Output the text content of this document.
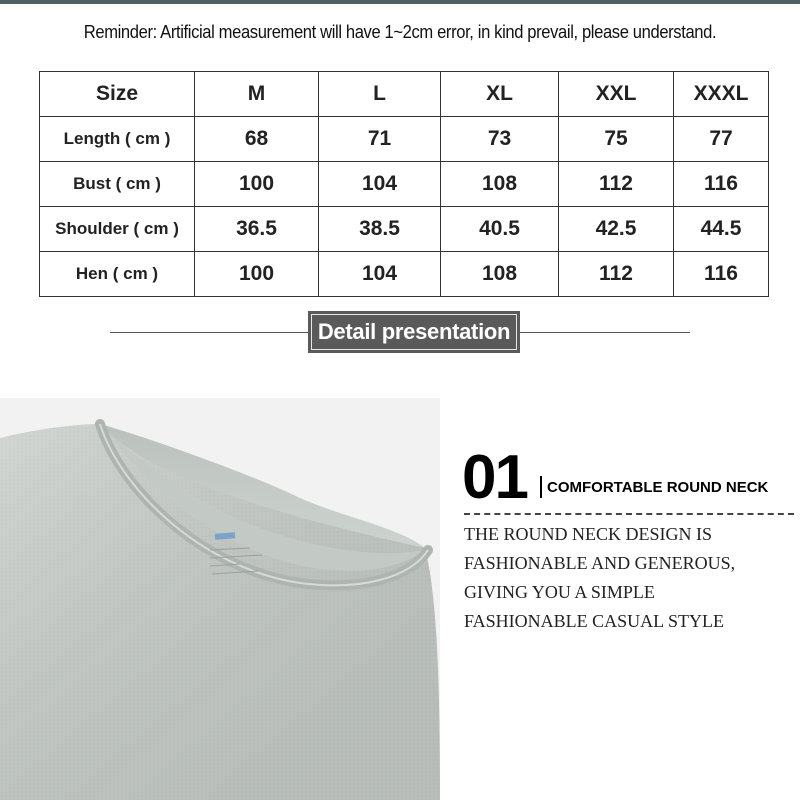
Reminder: Artificial measurement will have 1~2cm error, in kind prevail, please understand.
Size	M	L	XL	XXL	XXXL
Length ( cm )	68	71	73	75	77
Bust ( cm )	100	104	108	112	116
Shoulder ( cm )	36.5	38.5	40.5	42.5	44.5
Hen ( cm )	100	104	108	112	116
Detail presentation
01 COMFORTABLE ROUND NECK
THE ROUND NECK DESIGN IS
FASHIONABLE AND GENEROUS,
GIVING YOU A SIMPLE
FASHIONABLE CASUAL STYLE
